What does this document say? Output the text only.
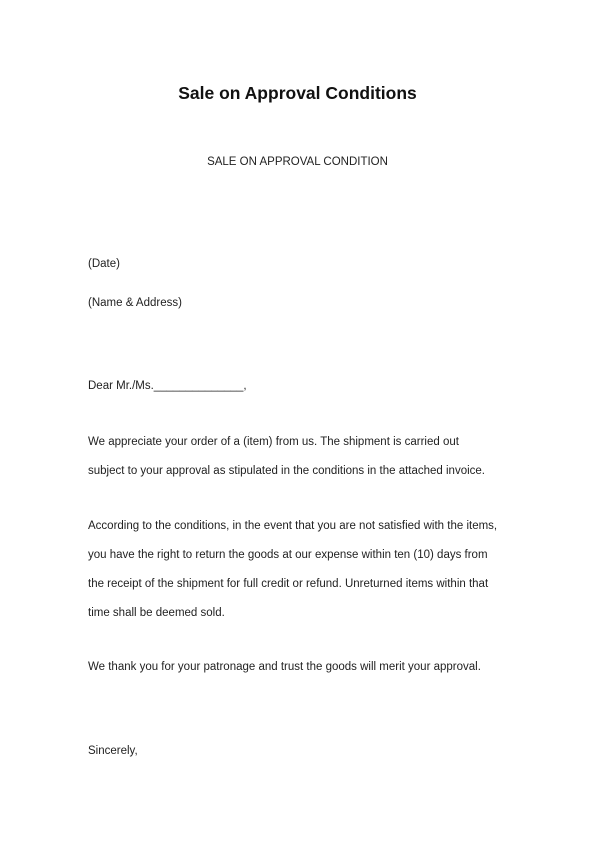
Sale on Approval Conditions
SALE ON APPROVAL CONDITION
(Date)
(Name & Address)
Dear Mr./Ms.______________,
We appreciate your order of a (item) from us. The shipment is carried out
subject to your approval as stipulated in the conditions in the attached invoice.
According to the conditions, in the event that you are not satisfied with the items,
you have the right to return the goods at our expense within ten (10) days from
the receipt of the shipment for full credit or refund. Unreturned items within that
time shall be deemed sold.
We thank you for your patronage and trust the goods will merit your approval.
Sincerely,
